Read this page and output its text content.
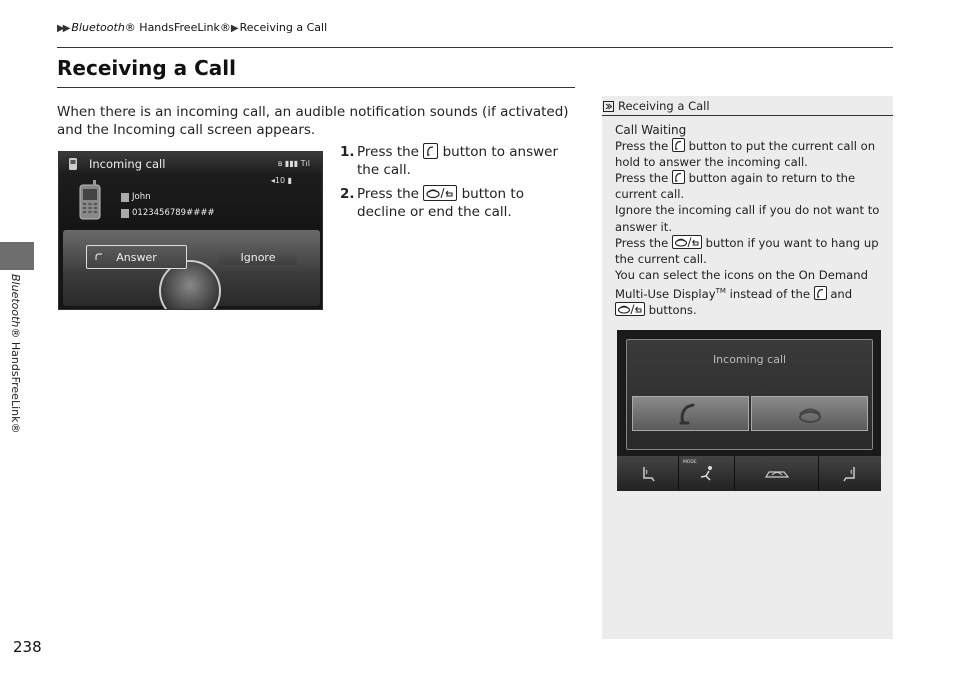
▶▶ Bluetooth® HandsFreeLink®▶ Receiving a Call
Receiving a Call

When there is an incoming call, an audible notification sounds (if activated) and the Incoming call screen appears.

Incoming call	ʙ ▮▮▮ Tıl
◂10 ▮
John
0123456789####
Answer	Ignore
1. Press the button to answer the call.
2. Press the	button to decline or end the call.
Bluetooth® HandsFreeLink®
238
Receiving a Call

Call Waiting

Press the button to put the current call on hold to answer the incoming call.

Press the button again to return to the current call.

Ignore the incoming call if you do not want to answer it.

Press the	button if you want to hang up the current call.

You can select the icons on the On Demand Multi-Use Display™ instead of the and
buttons.

Incoming call
MODE
